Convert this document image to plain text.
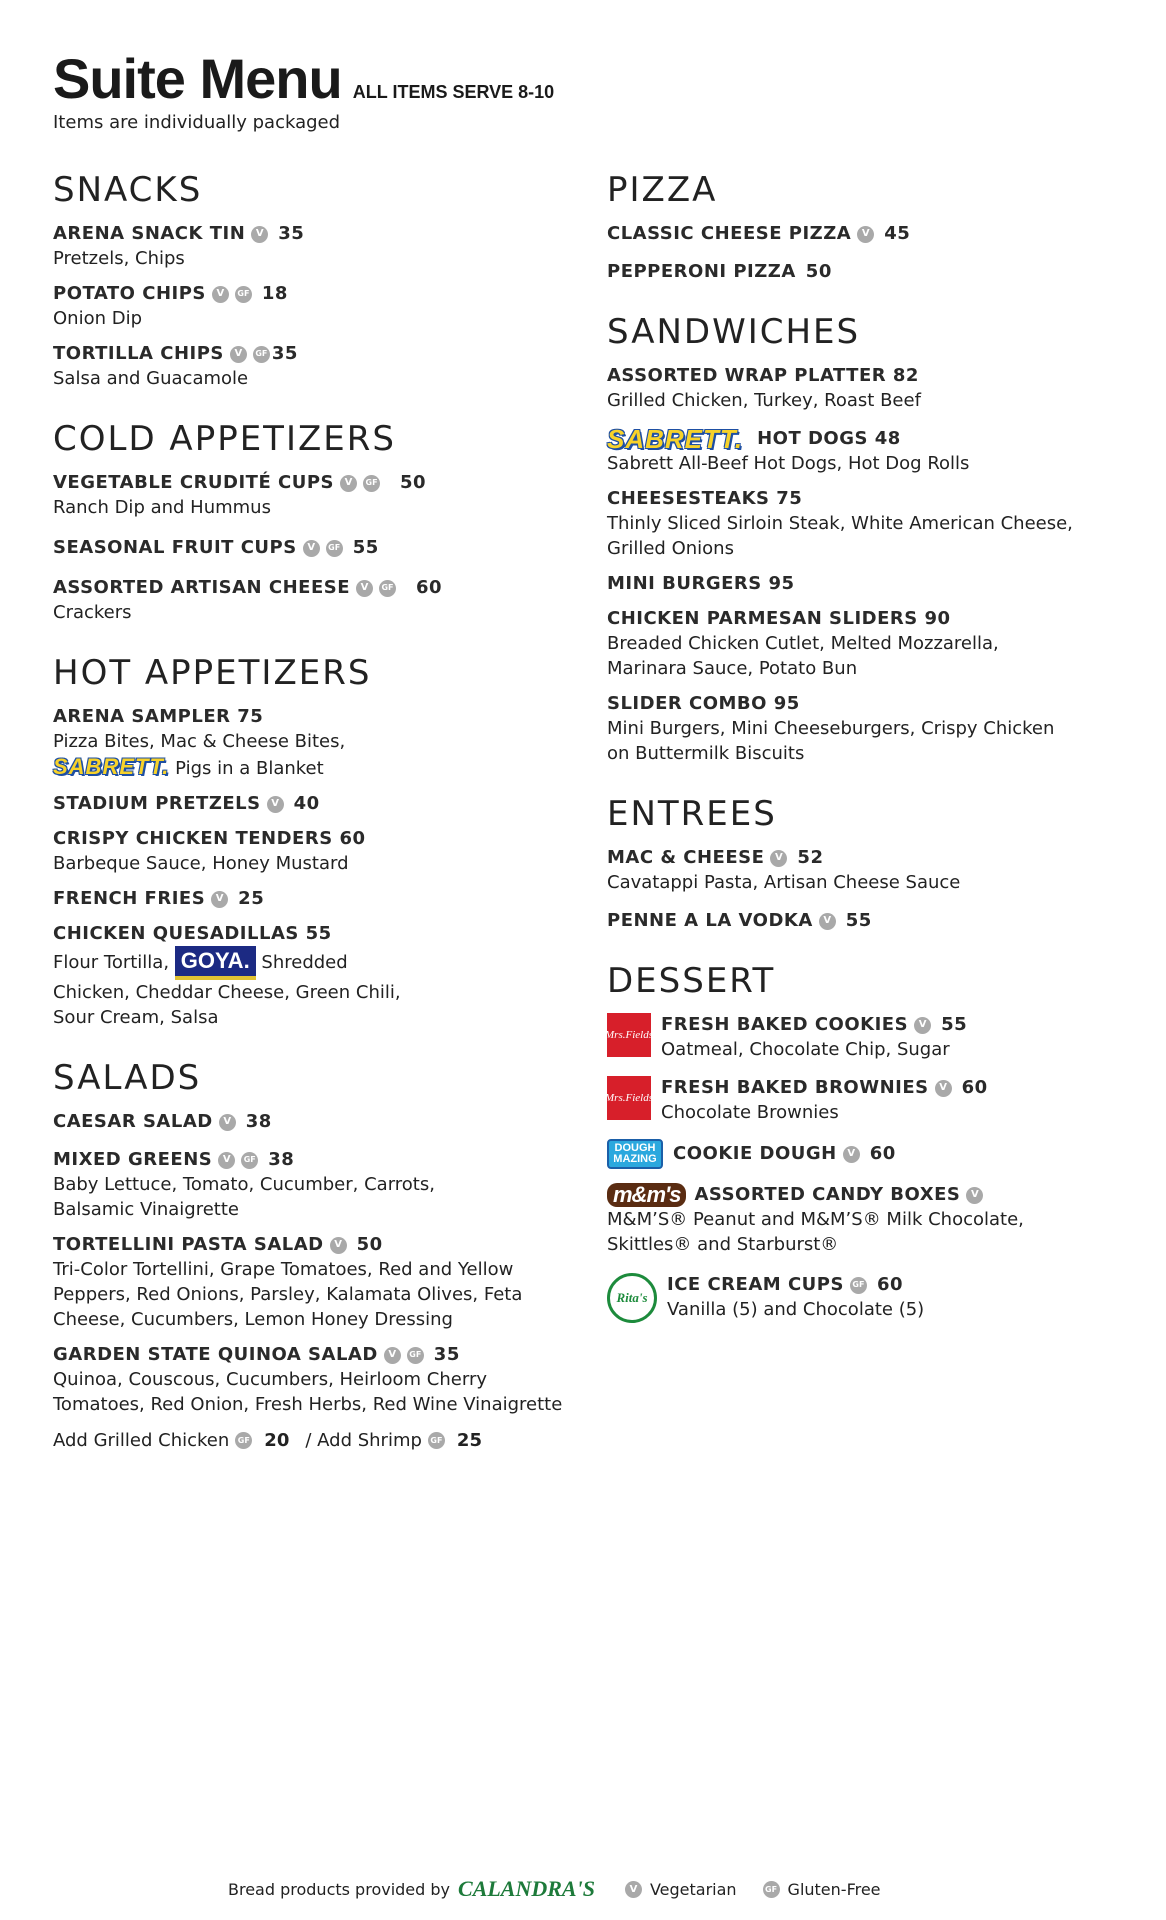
Suite Menu ALL ITEMS SERVE 8-10
Items are individually packaged
SNACKS
ARENA SNACK TIN	V 35
Pretzels, Chips
POTATO CHIPS	V	GF 18
Onion Dip
TORTILLA CHIPS	V	GF 35
Salsa and Guacamole
COLD APPETIZERS
VEGETABLE CRUDITÉ CUPS	V	GF 50
Ranch Dip and Hummus
SEASONAL FRUIT CUPS	V	GF 55
ASSORTED ARTISAN CHEESE	V	GF 60
Crackers
HOT APPETIZERS
ARENA SAMPLER 75
Pizza Bites, Mac & Cheese Bites,
SABRETT. Pigs in a Blanket
STADIUM PRETZELS	V 40
CRISPY CHICKEN TENDERS 60
Barbeque Sauce, Honey Mustard
FRENCH FRIES	V 25
CHICKEN QUESADILLAS 55
Flour Tortilla, GOYA. Shredded
Chicken, Cheddar Cheese, Green Chili,
Sour Cream, Salsa
SALADS
CAESAR SALAD	V 38
MIXED GREENS	V	GF 38
Baby Lettuce, Tomato, Cucumber, Carrots,
Balsamic Vinaigrette
TORTELLINI PASTA SALAD	V 50
Tri-Color Tortellini, Grape Tomatoes, Red and Yellow
Peppers, Red Onions, Parsley, Kalamata Olives, Feta
Cheese, Cucumbers, Lemon Honey Dressing
GARDEN STATE QUINOA SALAD	V	GF 35
Quinoa, Couscous, Cucumbers, Heirloom Cherry
Tomatoes, Red Onion, Fresh Herbs, Red Wine Vinaigrette
Add Grilled Chicken	GF 20 / Add Shrimp	GF 25
PIZZA
CLASSIC CHEESE PIZZA	V 45
PEPPERONI PIZZA 50
SANDWICHES
ASSORTED WRAP PLATTER 82
Grilled Chicken, Turkey, Roast Beef
SABRETT. HOT DOGS 48
Sabrett All-Beef Hot Dogs, Hot Dog Rolls
CHEESESTEAKS 75
Thinly Sliced Sirloin Steak, White American Cheese,
Grilled Onions
MINI BURGERS 95
CHICKEN PARMESAN SLIDERS 90
Breaded Chicken Cutlet, Melted Mozzarella,
Marinara Sauce, Potato Bun
SLIDER COMBO 95
Mini Burgers, Mini Cheeseburgers, Crispy Chicken
on Buttermilk Biscuits
ENTREES
MAC & CHEESE	V 52
Cavatappi Pasta, Artisan Cheese Sauce
PENNE A LA VODKA	V 55
DESSERT
Mrs.Fields FRESH BAKED COOKIES	V 55
Oatmeal, Chocolate Chip, Sugar
Mrs.Fields FRESH BAKED BROWNIES	V 60
Chocolate Brownies
DOUGH MAZING COOKIE DOUGH	V 60
m&m's ASSORTED CANDY BOXES	V
M&M’S® Peanut and M&M’S® Milk Chocolate,
Skittles® and Starburst®
Rita's
ICE CREAM CUPS	GF 60
Vanilla (5) and Chocolate (5)
Bread products provided by CALANDRA'S	V Vegetarian	GF Gluten-Free
